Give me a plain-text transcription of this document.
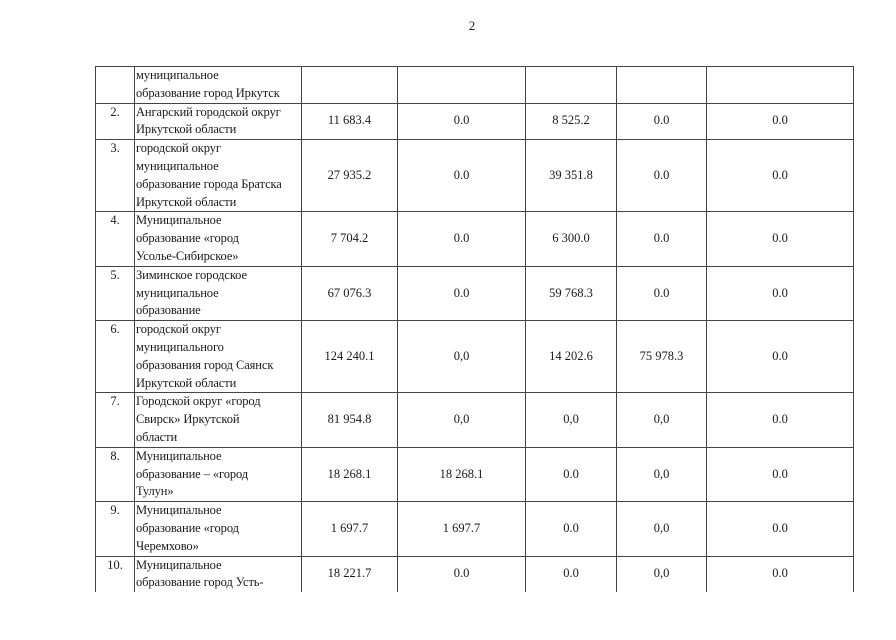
2

	муниципальное
образование город Иркутск					

2.	Ангарский городской округ
Иркутской области	11 683.4	0.0	8 525.2	0.0	0.0
3.	городской округ
муниципальное
образование города Братска
Иркутской области	27 935.2	0.0	39 351.8	0.0	0.0
4.	Муниципальное
образование «город
Усолье-Сибирское»	7 704.2	0.0	6 300.0	0.0	0.0
5.	Зиминское городское
муниципальное
образование	67 076.3	0.0	59 768.3	0.0	0.0
6.	городской округ
муниципального
образования город Саянск
Иркутской области	124 240.1	0,0	14 202.6	75 978.3	0.0
7.	Городской округ «город
Свирск» Иркутской
области	81 954.8	0,0	0,0	0,0	0.0
8.	Муниципальное
образование – «город
Тулун»	18 268.1	18 268.1	0.0	0,0	0.0
9.	Муниципальное
образование «город
Черемхово»	1 697.7	1 697.7	0.0	0,0	0.0
10.	Муниципальное
образование город Усть-	18 221.7	0.0	0.0	0,0	0.0
